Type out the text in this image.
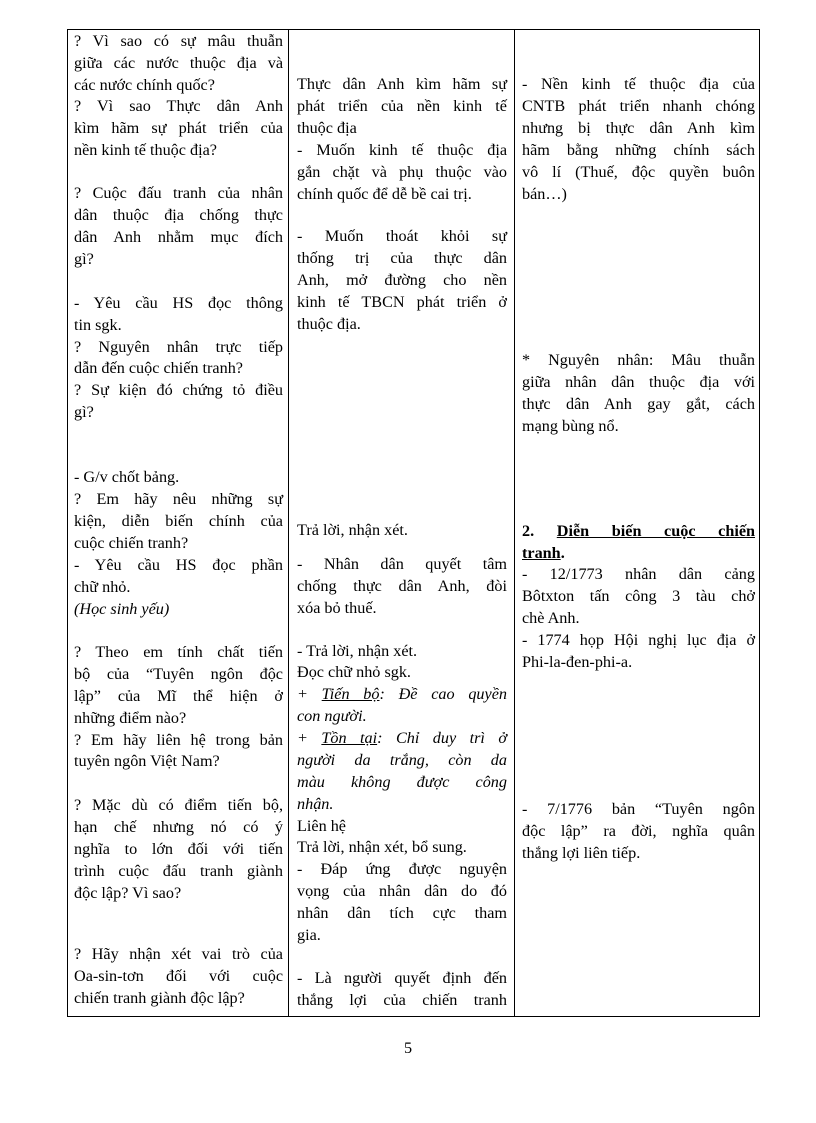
? Vì sao có sự mâu thuẫn
giữa các nước thuộc địa và
các nước chính quốc?
? Vì sao Thực dân Anh
kìm hãm sự phát triển của
nền kinh tế thuộc địa?
? Cuộc đấu tranh của nhân
dân thuộc địa chống thực
dân Anh nhằm mục đích
gì?
- Yêu cầu HS đọc thông
tin sgk.
? Nguyên nhân trực tiếp
dẫn đến cuộc chiến tranh?
? Sự kiện đó chứng tỏ điều
gì?
- G/v chốt bảng.
? Em hãy nêu những sự
kiện, diễn biến chính của
cuộc chiến tranh?
- Yêu cầu HS đọc phần
chữ nhỏ.
(Học sinh yếu)
? Theo em tính chất tiến
bộ của “Tuyên ngôn độc
lập” của Mĩ thể hiện ở
những điểm nào?
? Em hãy liên hệ trong bản
tuyên ngôn Việt Nam?
? Mặc dù có điểm tiến bộ,
hạn chế nhưng nó có ý
nghĩa to lớn đối với tiến
trình cuộc đấu tranh giành
độc lập? Vì sao?
? Hãy nhận xét vai trò của
Oa-sin-tơn đối với cuộc
chiến tranh giành độc lập?
Thực dân Anh kìm hãm sự
phát triển của nền kinh tế
thuộc địa
- Muốn kinh tế thuộc địa
gắn chặt và phụ thuộc vào
chính quốc để dễ bề cai trị.
- Muốn thoát khỏi sự
thống trị của thực dân
Anh, mở đường cho nền
kinh tế TBCN phát triển ở
thuộc địa.
Trả lời, nhận xét.
- Nhân dân quyết tâm
chống thực dân Anh, đòi
xóa bỏ thuế.
- Trả lời, nhận xét.
Đọc chữ nhỏ sgk.
+ Tiến bộ: Đề cao quyền
con người.
+ Tồn tại: Chỉ duy trì ở
người da trắng, còn da
màu không được công
nhận.
Liên hệ
Trả lời, nhận xét, bổ sung.
- Đáp ứng được nguyện
vọng của nhân dân do đó
nhân dân tích cực tham
gia.
- Là người quyết định đến
thắng lợi của chiến tranh
- Nền kinh tế thuộc địa của
CNTB phát triển nhanh chóng
nhưng bị thực dân Anh kìm
hãm bằng những chính sách
vô lí (Thuế, độc quyền buôn
bán…)
* Nguyên nhân: Mâu thuẫn
giữa nhân dân thuộc địa với
thực dân Anh gay gắt, cách
mạng bùng nổ.
2. Diễn biến cuộc chiến
tranh.
- 12/1773 nhân dân cảng
Bôtxton tấn công 3 tàu chở
chè Anh.
- 1774 họp Hội nghị lục địa ở
Phi-la-đen-phi-a.
- 7/1776 bản “Tuyên ngôn
độc lập” ra đời, nghĩa quân
thắng lợi liên tiếp.
5
